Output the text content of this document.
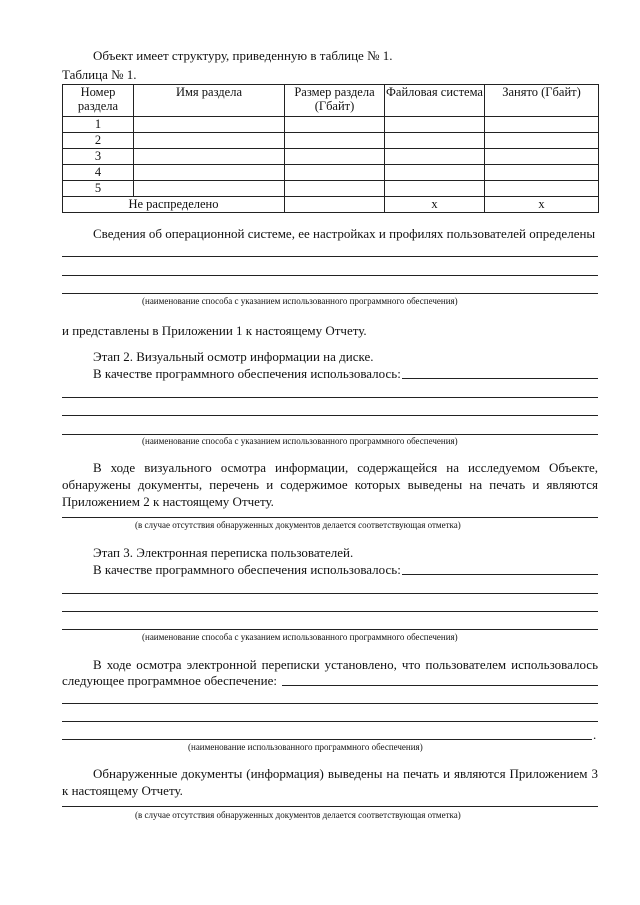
Объект имеет структуру, приведенную в таблице № 1.
Таблица № 1.
Номер раздела	Имя раздела	Размер раздела (Гбайт)	Файловая система	Занято (Гбайт)
1				
2				
3				
4				
5				
Не распределено			x	x
Сведения об операционной системе, ее настройках и профилях пользователей определены
(наименование способа с указанием использованного программного обеспечения)
и представлены в Приложении 1 к настоящему Отчету.
Этап 2. Визуальный осмотр информации на диске.
В качестве программного обеспечения использовалось:
(наименование способа с указанием использованного программного обеспечения)
В ходе визуального осмотра информации, содержащейся на исследуемом Объекте,
обнаружены документы, перечень и содержимое которых выведены на печать и являются
Приложением 2 к настоящему Отчету.
(в случае отсутствия обнаруженных документов делается соответствующая отметка)
Этап 3. Электронная переписка пользователей.
В качестве программного обеспечения использовалось:
(наименование способа с указанием использованного программного обеспечения)
В ходе осмотра электронной переписки установлено, что пользователем использовалось
следующее программное обеспечение:
.
(наименование использованного программного обеспечения)
Обнаруженные документы (информация) выведены на печать и являются Приложением 3
к настоящему Отчету.
(в случае отсутствия обнаруженных документов делается соответствующая отметка)
